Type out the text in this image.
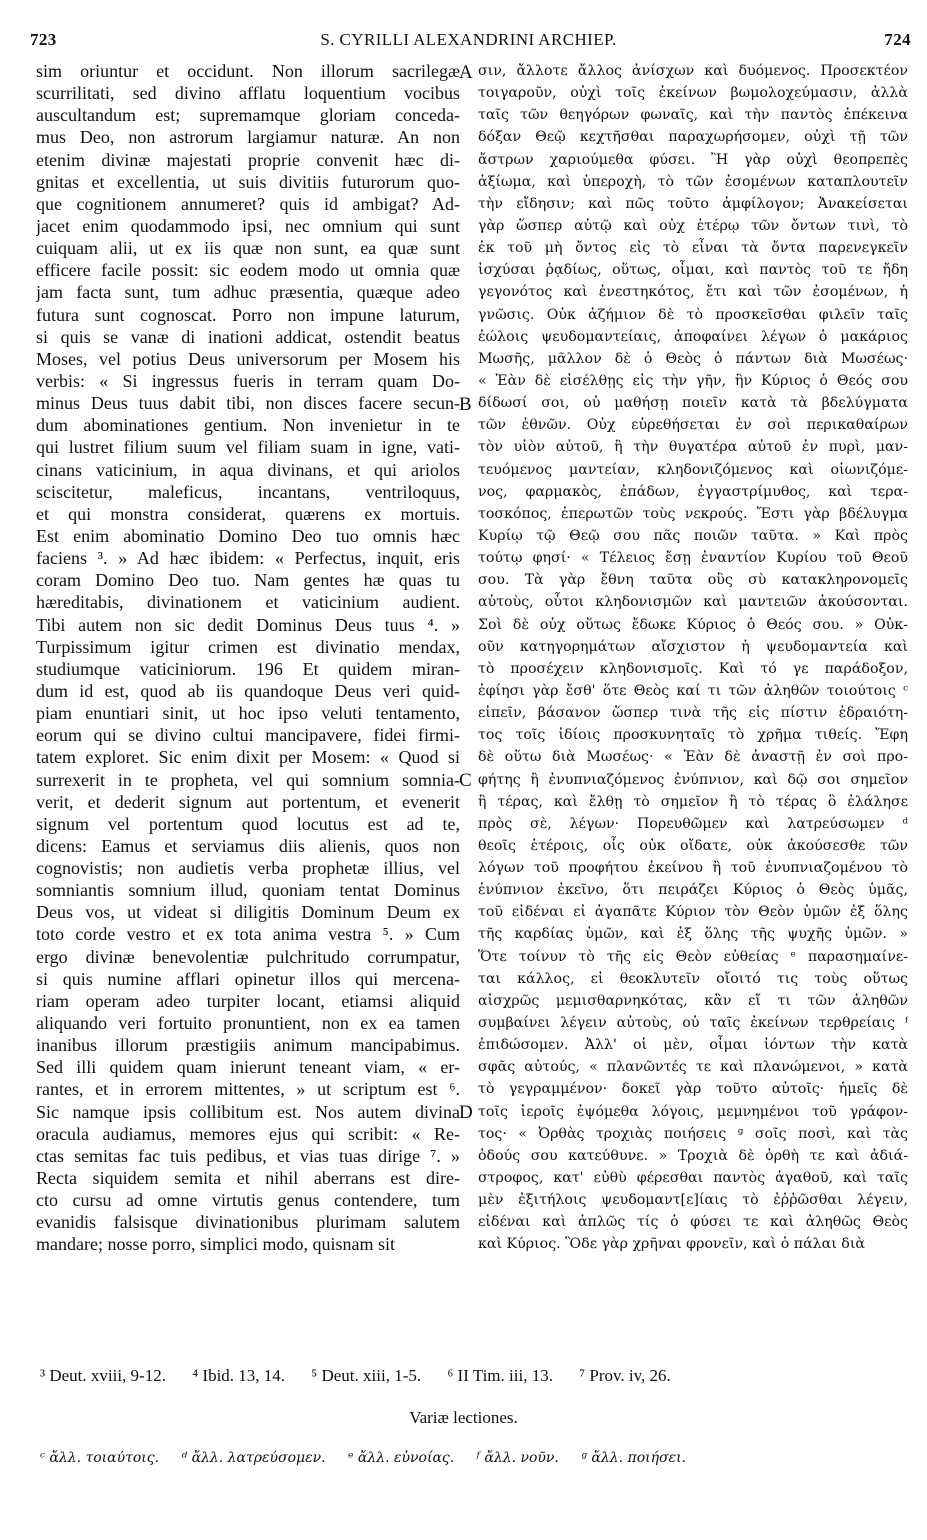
723	S. CYRILLI ALEXANDRINI ARCHIEP.	724
sim oriuntur et occidunt. Non illorum sacrilegæ
scurrilitati, sed divino afflatu loquentium vocibus
auscultandum est; supremamque gloriam conceda-
mus Deo, non astrorum largiamur naturæ. An non
etenim divinæ majestati proprie convenit hæc di-
gnitas et excellentia, ut suis divitiis futurorum quo-
que cognitionem annumeret? quis id ambigat? Ad-
jacet enim quodammodo ipsi, nec omnium qui sunt
cuiquam alii, ut ex iis quæ non sunt, ea quæ sunt
efficere facile possit: sic eodem modo ut omnia quæ
jam facta sunt, tum adhuc præsentia, quæque adeo
futura sunt cognoscat. Porro non impune laturum,
si quis se vanæ di inationi addicat, ostendit beatus
Moses, vel potius Deus universorum per Mosem his
verbis: « Si ingressus fueris in terram quam Do-
minus Deus tuus dabit tibi, non disces facere secun-
dum abominationes gentium. Non invenietur in te
qui lustret filium suum vel filiam suam in igne, vati-
cinans vaticinium, in aqua divinans, et qui ariolos
sciscitetur, maleficus, incantans, ventriloquus,
et qui monstra considerat, quærens ex mortuis.
Est enim abominatio Domino Deo tuo omnis hæc
faciens ³. » Ad hæc ibidem: « Perfectus, inquit, eris
coram Domino Deo tuo. Nam gentes hæ quas tu
hæreditabis, divinationem et vaticinium audient.
Tibi autem non sic dedit Dominus Deus tuus ⁴. »
Turpissimum igitur crimen est divinatio mendax,
studiumque vaticiniorum. 196 Et quidem miran-
dum id est, quod ab iis quandoque Deus veri quid-
piam enuntiari sinit, ut hoc ipso veluti tentamento,
eorum qui se divino cultui mancipavere, fidei firmi-
tatem exploret. Sic enim dixit per Mosem: « Quod si
surrexerit in te propheta, vel qui somnium somnia-
verit, et dederit signum aut portentum, et evenerit
signum vel portentum quod locutus est ad te,
dicens: Eamus et serviamus diis alienis, quos non
cognovistis; non audietis verba prophetæ illius, vel
somniantis somnium illud, quoniam tentat Dominus
Deus vos, ut videat si diligitis Dominum Deum ex
toto corde vestro et ex tota anima vestra ⁵. » Cum
ergo divinæ benevolentiæ pulchritudo corrumpatur,
si quis numine afflari opinetur illos qui mercena-
riam operam adeo turpiter locant, etiamsi aliquid
aliquando veri fortuito pronuntient, non ex ea tamen
inanibus illorum præstigiis animum mancipabimus.
Sed illi quidem quam inierunt teneant viam, « er-
rantes, et in errorem mittentes, » ut scriptum est ⁶.
Sic namque ipsis collibitum est. Nos autem divina
oracula audiamus, memores ejus qui scribit: « Re-
ctas semitas fac tuis pedibus, et vias tuas dirige ⁷. »
Recta siquidem semita et nihil aberrans est dire-
cto cursu ad omne virtutis genus contendere, tum
evanidis falsisque divinationibus plurimam salutem
mandare; nosse porro, simplici modo, quisnam sit
σιν, ἄλλοτε ἄλλος ἀνίσχων καὶ δυόμενος. Προσεκτέον
τοιγαροῦν, οὐχὶ τοῖς ἐκείνων βωμολοχεύμασιν, ἀλλὰ
ταῖς τῶν θεηγόρων φωναῖς, καὶ τὴν παντὸς ἐπέκεινα
δόξαν Θεῷ κεχτῆσθαι παραχωρήσομεν, οὐχὶ τῇ τῶν
ἄστρων χαριούμεθα φύσει. Ἢ γὰρ οὐχὶ θεοπρεπὲς
ἀξίωμα, καὶ ὑπεροχὴ, τὸ τῶν ἐσομένων καταπλουτεῖν
τὴν εἴδησιν; καὶ πῶς τοῦτο ἀμφίλογον; Ἀνακείσεται
γὰρ ὥσπερ αὐτῷ καὶ οὐχ ἑτέρῳ τῶν ὄντων τινὶ, τὸ
ἐκ τοῦ μὴ ὄντος εἰς τὸ εἶναι τὰ ὄντα παρενεγκεῖν
ἰσχύσαι ῥᾳδίως, οὕτως, οἶμαι, καὶ παντὸς τοῦ τε ἤδη
γεγονότος καὶ ἐνεστηκότος, ἔτι καὶ τῶν ἐσομένων, ἡ
γνῶσις. Οὐκ ἀζήμιον δὲ τὸ προσκεῖσθαι φιλεῖν ταῖς
ἐώλοις ψευδομαντείαις, ἀποφαίνει λέγων ὁ μακάριος
Μωσῆς, μᾶλλον δὲ ὁ Θεὸς ὁ πάντων διὰ Μωσέως·
« Ἐὰν δὲ εἰσέλθῃς εἰς τὴν γῆν, ἣν Κύριος ὁ Θεός σου
δίδωσί σοι, οὐ μαθήσῃ ποιεῖν κατὰ τὰ βδελύγματα
τῶν ἐθνῶν. Οὐχ εὑρεθήσεται ἐν σοὶ περικαθαίρων
τὸν υἱὸν αὐτοῦ, ἢ τὴν θυγατέρα αὐτοῦ ἐν πυρὶ, μαν-
τευόμενος μαντείαν, κληδονιζόμενος καὶ οἰωνιζόμε-
νος, φαρμακὸς, ἐπάδων, ἐγγαστρίμυθος, καὶ τερα-
τοσκόπος, ἐπερωτῶν τοὺς νεκρούς. Ἔστι γὰρ βδέλυγμα
Κυρίῳ τῷ Θεῷ σου πᾶς ποιῶν ταῦτα. » Καὶ πρὸς
τούτῳ φησί· « Τέλειος ἔσῃ ἐναντίον Κυρίου τοῦ Θεοῦ
σου. Τὰ γὰρ ἔθνη ταῦτα οὓς σὺ κατακληρονομεῖς
αὐτοὺς, οὗτοι κληδονισμῶν καὶ μαντειῶν ἀκούσονται.
Σοὶ δὲ οὐχ οὕτως ἔδωκε Κύριος ὁ Θεός σου. » Οὐκ-
οῦν κατηγορημάτων αἴσχιστον ἡ ψευδομαντεία καὶ
τὸ προσέχειν κληδονισμοῖς. Καὶ τό γε παράδοξον,
ἐφίησι γὰρ ἔσθ' ὅτε Θεὸς καί τι τῶν ἀληθῶν τοιούτοις ᶜ
εἰπεῖν, βάσανον ὥσπερ τινὰ τῆς εἰς πίστιν ἑδραιότη-
τος τοῖς ἰδίοις προσκυνηταῖς τὸ χρῆμα τιθείς. Ἔφη
δὲ οὕτω διὰ Μωσέως· « Ἐὰν δὲ ἀναστῇ ἐν σοὶ προ-
φήτης ἢ ἐνυπνιαζόμενος ἐνύπνιον, καὶ δῷ σοι σημεῖον
ἢ τέρας, καὶ ἔλθῃ τὸ σημεῖον ἢ τὸ τέρας ὃ ἐλάλησε
πρὸς σὲ, λέγων· Πορευθῶμεν καὶ λατρεύσωμεν ᵈ
θεοῖς ἑτέροις, οἷς οὐκ οἴδατε, οὐκ ἀκούσεσθε τῶν
λόγων τοῦ προφήτου ἐκείνου ἢ τοῦ ἐνυπνιαζομένου τὸ
ἐνύπνιον ἐκεῖνο, ὅτι πειράζει Κύριος ὁ Θεὸς ὑμᾶς,
τοῦ εἰδέναι εἰ ἀγαπᾶτε Κύριον τὸν Θεὸν ὑμῶν ἐξ ὅλης
τῆς καρδίας ὑμῶν, καὶ ἐξ ὅλης τῆς ψυχῆς ὑμῶν. »
Ὅτε τοίνυν τὸ τῆς εἰς Θεὸν εὐθείας ᵉ παρασημαίνε-
ται κάλλος, εἰ θεοκλυτεῖν οἴοιτό τις τοὺς οὕτως
αἰσχρῶς μεμισθαρνηκότας, κἂν εἴ τι τῶν ἀληθῶν
συμβαίνει λέγειν αὐτοὺς, οὐ ταῖς ἐκείνων τερθρείαις ᶠ
ἐπιδώσομεν. Ἀλλ' οἱ μὲν, οἶμαι ἰόντων τὴν κατὰ
σφᾶς αὐτούς, « πλανῶντές τε καὶ πλανώμενοι, » κατὰ
τὸ γεγραμμένον· δοκεῖ γὰρ τοῦτο αὐτοῖς· ἡμεῖς δὲ
τοῖς ἱεροῖς ἑψόμεθα λόγοις, μεμνημένοι τοῦ γράφον-
τος· « Ὀρθὰς τροχιὰς ποιήσεις ᵍ σοῖς ποσὶ, καὶ τὰς
ὁδούς σου κατεύθυνε. » Τροχιὰ δὲ ὀρθὴ τε καὶ ἀδιά-
στροφος, κατ' εὐθὺ φέρεσθαι παντὸς ἀγαθοῦ, καὶ ταῖς
μὲν ἐξιτήλοις ψευδομαντ[ε]ίαις τὸ ἐῤῥῶσθαι λέγειν,
εἰδέναι καὶ ἁπλῶς τίς ὁ φύσει τε καὶ ἀληθῶς Θεὸς
καὶ Κύριος. Ὃδε γὰρ χρῆναι φρονεῖν, καὶ ὁ πάλαι διὰ
A
B
C
D
³ Deut. xviii, 9-12. ⁴ Ibid. 13, 14. ⁵ Deut. xiii, 1-5. ⁶ II Tim. iii, 13. ⁷ Prov. iv, 26.
Variæ lectiones.
ᶜ ἄλλ. τοιαύτοις. ᵈ ἄλλ. λατρεύσομεν. ᵉ ἄλλ. εὐνοίας. ᶠ ἄλλ. νοῦν. ᵍ ἄλλ. ποιήσει.
